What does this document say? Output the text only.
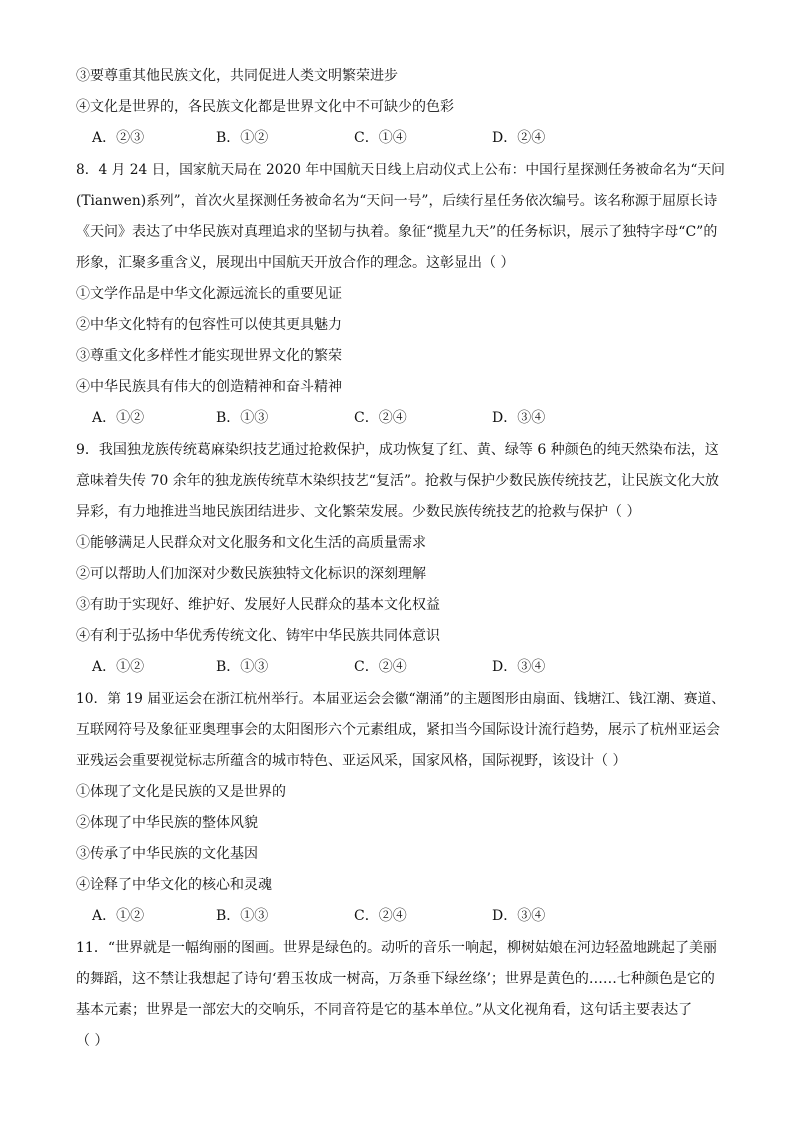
③要尊重其他民族文化，共同促进人类文明繁荣进步
④文化是世界的，各民族文化都是世界文化中不可缺少的色彩
A．②③	B．①②	C．①④	D．②④
8．4 月 24 日，国家航天局在 2020 年中国航天日线上启动仪式上公布：中国行星探测任务被命名为“天问
(Tianwen)系列”，首次火星探测任务被命名为“天问一号”，后续行星任务依次编号。该名称源于屈原长诗
《天问》表达了中华民族对真理追求的坚韧与执着。象征“揽星九天”的任务标识，展示了独特字母“C”的
形象，汇聚多重含义，展现出中国航天开放合作的理念。这彰显出（ ）
①文学作品是中华文化源远流长的重要见证
②中华文化特有的包容性可以使其更具魅力
③尊重文化多样性才能实现世界文化的繁荣
④中华民族具有伟大的创造精神和奋斗精神
A．①②	B．①③	C．②④	D．③④
9．我国独龙族传统葛麻染织技艺通过抢救保护，成功恢复了红、黄、绿等 6 种颜色的纯天然染布法，这
意味着失传 70 余年的独龙族传统草木染织技艺“复活”。抢救与保护少数民族传统技艺，让民族文化大放
异彩，有力地推进当地民族团结进步、文化繁荣发展。少数民族传统技艺的抢救与保护（ ）
①能够满足人民群众对文化服务和文化生活的高质量需求
②可以帮助人们加深对少数民族独特文化标识的深刻理解
③有助于实现好、维护好、发展好人民群众的基本文化权益
④有利于弘扬中华优秀传统文化、铸牢中华民族共同体意识
A．①②	B．①③	C．②④	D．③④
10．第 19 届亚运会在浙江杭州举行。本届亚运会会徽“潮涌”的主题图形由扇面、钱塘江、钱江潮、赛道、
互联网符号及象征亚奥理事会的太阳图形六个元素组成，紧扣当今国际设计流行趋势，展示了杭州亚运会
亚残运会重要视觉标志所蕴含的城市特色、亚运风采，国家风格，国际视野，该设计（ ）
①体现了文化是民族的又是世界的
②体现了中华民族的整体风貌
③传承了中华民族的文化基因
④诠释了中华文化的核心和灵魂
A．①②	B．①③	C．②④	D．③④
11．“世界就是一幅绚丽的图画。世界是绿色的。动听的音乐一响起，柳树姑娘在河边轻盈地跳起了美丽
的舞蹈，这不禁让我想起了诗句‘碧玉妆成一树高，万条垂下绿丝绦’；世界是黄色的……七种颜色是它的
基本元素；世界是一部宏大的交响乐，不同音符是它的基本单位。”从文化视角看，这句话主要表达了
（ ）
